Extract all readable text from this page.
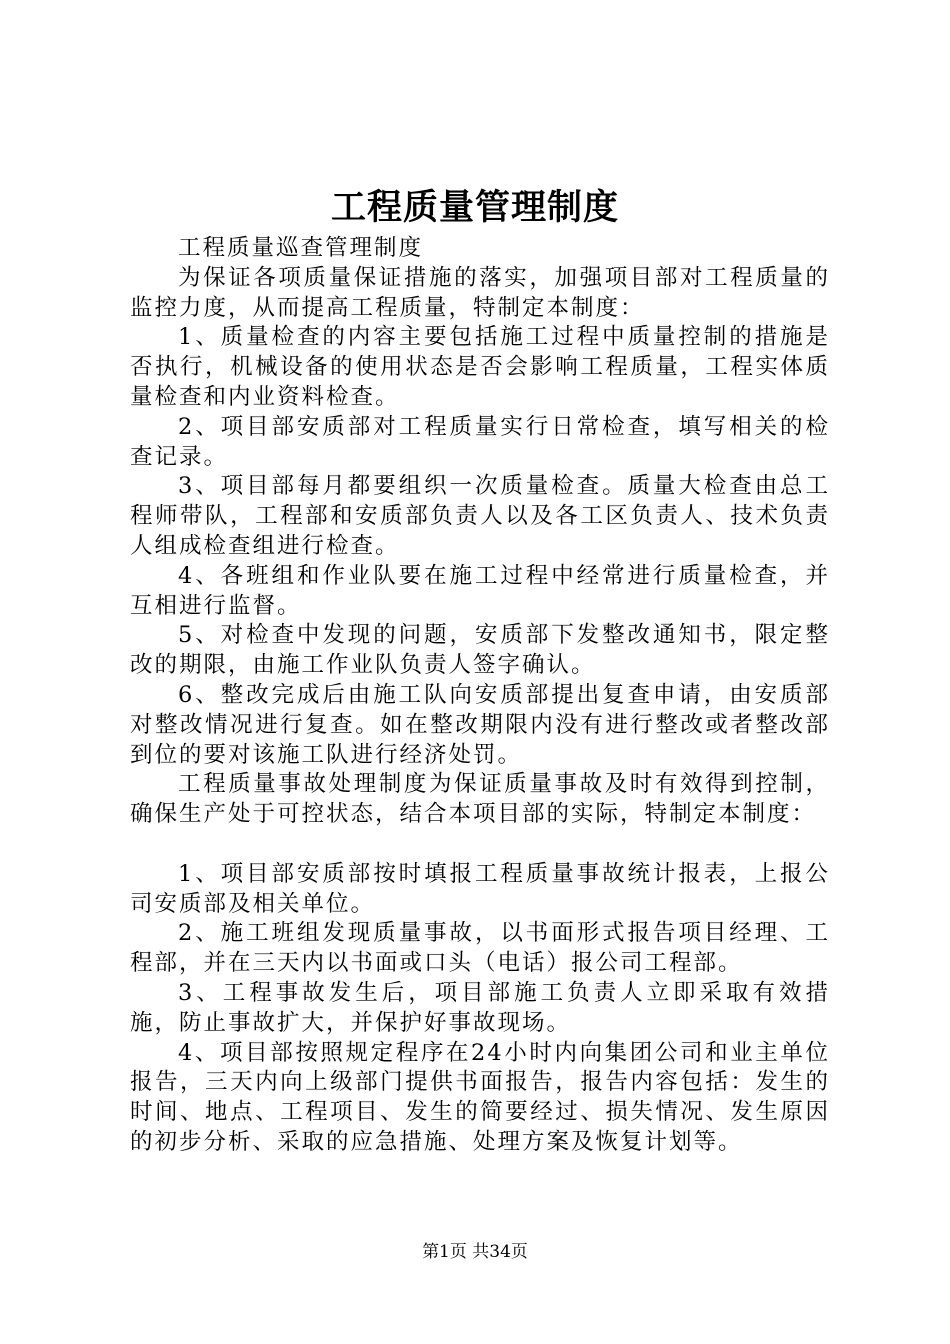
工程质量管理制度

工程质量巡查管理制度

为保证各项质量保证措施的落实，加强项目部对工程质量的监控力度，从而提高工程质量，特制定本制度：

1、质量检查的内容主要包括施工过程中质量控制的措施是否执行，机械设备的使用状态是否会影响工程质量，工程实体质量检查和内业资料检查。

2、项目部安质部对工程质量实行日常检查，填写相关的检查记录。

3、项目部每月都要组织一次质量检查。质量大检查由总工程师带队，工程部和安质部负责人以及各工区负责人、技术负责人组成检查组进行检查。

4、各班组和作业队要在施工过程中经常进行质量检查，并互相进行监督。

5、对检查中发现的问题，安质部下发整改通知书，限定整改的期限，由施工作业队负责人签字确认。

6、整改完成后由施工队向安质部提出复查申请，由安质部对整改情况进行复查。如在整改期限内没有进行整改或者整改部到位的要对该施工队进行经济处罚。

工程质量事故处理制度为保证质量事故及时有效得到控制，确保生产处于可控状态，结合本项目部的实际，特制定本制度：

1、项目部安质部按时填报工程质量事故统计报表，上报公司安质部及相关单位。

2、施工班组发现质量事故，以书面形式报告项目经理、工程部，并在三天内以书面或口头（电话）报公司工程部。

3、工程事故发生后，项目部施工负责人立即采取有效措施，防止事故扩大，并保护好事故现场。

4、项目部按照规定程序在24小时内向集团公司和业主单位报告，三天内向上级部门提供书面报告，报告内容包括：发生的时间、地点、工程项目、发生的简要经过、损失情况、发生原因的初步分析、采取的应急措施、处理方案及恢复计划等。

第1页 共34页
